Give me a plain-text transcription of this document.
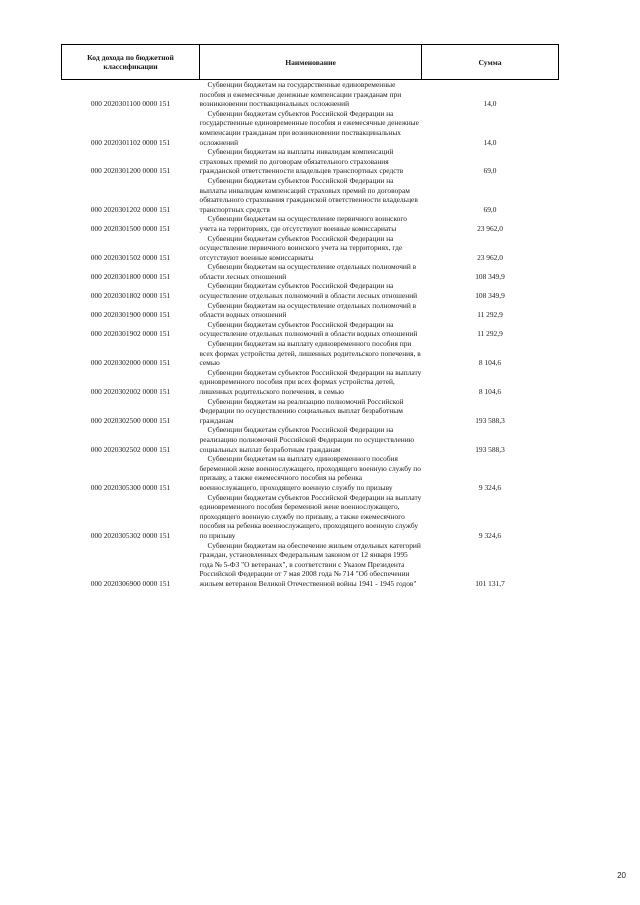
Код дохода по бюджетной классификации	Наименование	Сумма
000 2020301100 0000 151	Субвенции бюджетам на государственные единовременные пособия и ежемесячные денежные компенсации гражданам при возникновении поствакцинальных осложнений	14,0
000 2020301102 0000 151	Субвенции бюджетам субъектов Российской Федерации на государственные единовременные пособия и ежемесячные денежные компенсации гражданам при возникновении поствакцинальных осложнений	14,0
000 2020301200 0000 151	Субвенции бюджетам на выплаты инвалидам компенсаций страховых премий по договорам обязательного страхования гражданской ответственности владельцев транспортных средств	69,0
000 2020301202 0000 151	Субвенции бюджетам субъектов Российской Федерации на выплаты инвалидам компенсаций страховых премий по договорам обязательного страхования гражданской ответственности владельцев транспортных средств	69,0
000 2020301500 0000 151	Субвенции бюджетам на осуществление первичного воинского учета на территориях, где отсутствуют военные комиссариаты	23 962,0
000 2020301502 0000 151	Субвенции бюджетам субъектов Российской Федерации на осуществление первичного воинского учета на территориях, где отсутствуют военные комиссариаты	23 962,0
000 2020301800 0000 151	Субвенции бюджетам на осуществление отдельных полномочий в области лесных отношений	108 349,9
000 2020301802 0000 151	Субвенции бюджетам субъектов Российской Федерации на осуществление отдельных полномочий в области лесных отношений	108 349,9
000 2020301900 0000 151	Субвенции бюджетам на осуществление отдельных полномочий в области водных отношений	11 292,9
000 2020301902 0000 151	Субвенции бюджетам субъектов Российской Федерации на осуществление отдельных полномочий в области водных отношений	11 292,9
000 2020302000 0000 151	Субвенции бюджетам на выплату единовременного пособия при всех формах устройства детей, лишенных родительского попечения, в семью	8 104,6
000 2020302002 0000 151	Субвенции бюджетам субъектов Российской Федерации на выплату единовременного пособия при всех формах устройства детей, лишенных родительского попечения, в семью	8 104,6
000 2020302500 0000 151	Субвенции бюджетам на реализацию полномочий Российской Федерации по осуществлению социальных выплат безработным гражданам	193 588,3
000 2020302502 0000 151	Субвенции бюджетам субъектов Российской Федерации на реализацию полномочий Российской Федерации по осуществлению социальных выплат безработным гражданам	193 588,3
000 2020305300 0000 151	Субвенции бюджетам на выплату единовременного пособия беременной жене военнослужащего, проходящего военную службу по призыву, а также ежемесячного пособия на ребенка военнослужащего, проходящего военную службу по призыву	9 324,6
000 2020305302 0000 151	Субвенции бюджетам субъектов Российской Федерации на выплату единовременного пособия беременной жене военнослужащего, проходящего военную службу по призыву, а также ежемесячного пособия на ребенка военнослужащего, проходящего военную службу по призыву	9 324,6
000 2020306900 0000 151	Субвенции бюджетам на обеспечение жильем отдельных категорий граждан, установленных Федеральным законом от 12 января 1995 года № 5-ФЗ "О ветеранах", в соответствии с Указом Президента Российской Федерации от 7 мая 2008 года № 714 "Об обеспечении жильем ветеранов Великой Отечественной войны 1941 - 1945 годов"	101 131,7
20
